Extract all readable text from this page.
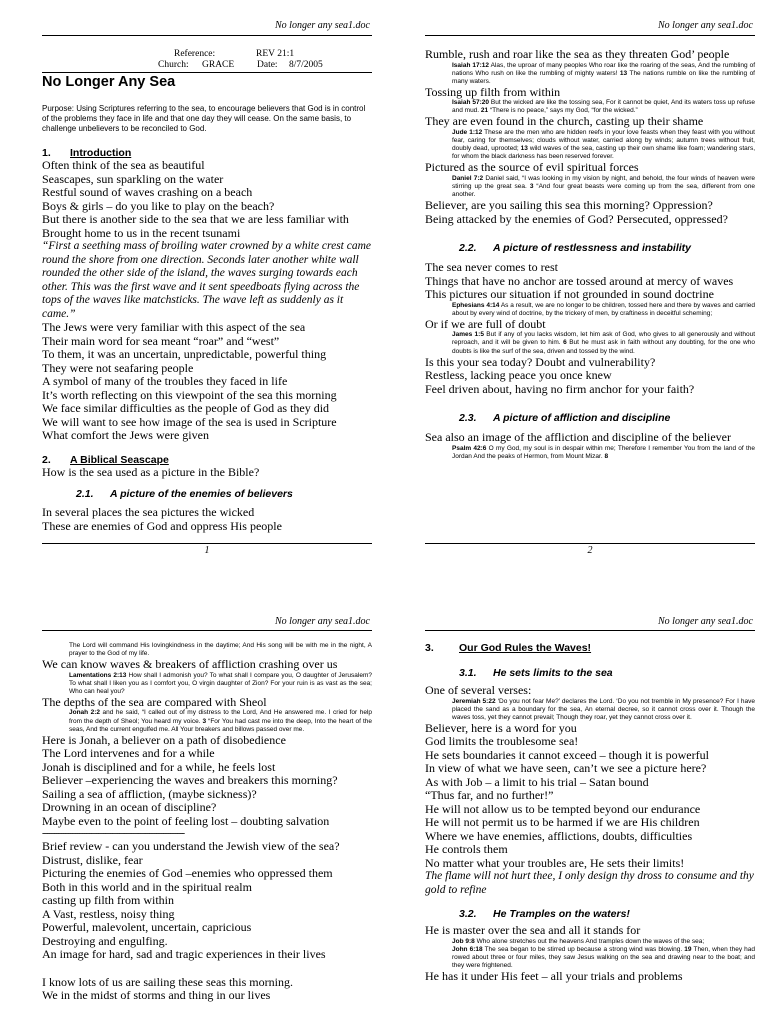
No longer any sea1.doc
Reference:	REV 21:1
Church: GRACE Date: 8/7/2005
No Longer Any Sea
Purpose: Using Scriptures referring to the sea, to encourage believers that God is in control of the problems they face in life and that one day they will cease. On the same basis, to challenge unbelievers to be reconciled to God.
1. Introduction
Often think of the sea as beautiful
Seascapes, sun sparkling on the water
Restful sound of waves crashing on a beach
Boys & girls – do you like to play on the beach?
But there is another side to the sea that we are less familiar with
Brought home to us in the recent tsunami
“First a seething mass of broiling water crowned by a white crest came round the shore from one direction. Seconds later another white wall rounded the other side of the island, the waves surging towards each other. This was the first wave and it sent speedboats flying across the tops of the waves like matchsticks. The wave left as suddenly as it came.”
The Jews were very familiar with this aspect of the sea
Their main word for sea meant “roar” and “west”
To them, it was an uncertain, unpredictable, powerful thing
They were not seafaring people
A symbol of many of the troubles they faced in life
It’s worth reflecting on this viewpoint of the sea this morning
We face similar difficulties as the people of God as they did
We will want to see how image of the sea is used in Scripture
What comfort the Jews were given
2. A Biblical Seascape
How is the sea used as a picture in the Bible?
2.1. A picture of the enemies of believers
In several places the sea pictures the wicked
These are enemies of God and oppress His people
1
No longer any sea1.doc
Rumble, rush and roar like the sea as they threaten God’ people
Isaiah 17:12 Alas, the uproar of many peoples Who roar like the roaring of the seas, And the rumbling of nations Who rush on like the rumbling of mighty waters! 13 The nations rumble on like the rumbling of many waters.
Tossing up filth from within
Isaiah 57:20 But the wicked are like the tossing sea, For it cannot be quiet, And its waters toss up refuse and mud. 21 “There is no peace,” says my God, “for the wicked.”
They are even found in the church, casting up their shame
Jude 1:12 These are the men who are hidden reefs in your love feasts when they feast with you without fear, caring for themselves; clouds without water, carried along by winds; autumn trees without fruit, doubly dead, uprooted; 13 wild waves of the sea, casting up their own shame like foam; wandering stars, for whom the black darkness has been reserved forever.
Pictured as the source of evil spiritual forces
Daniel 7:2 Daniel said, “I was looking in my vision by night, and behold, the four winds of heaven were stirring up the great sea. 3 “And four great beasts were coming up from the sea, different from one another.
Believer, are you sailing this sea this morning? Oppression?
Being attacked by the enemies of God? Persecuted, oppressed?
2.2. A picture of restlessness and instability
The sea never comes to rest
Things that have no anchor are tossed around at mercy of waves
This pictures our situation if not grounded in sound doctrine
Ephesians 4:14 As a result, we are no longer to be children, tossed here and there by waves and carried about by every wind of doctrine, by the trickery of men, by craftiness in deceitful scheming;
Or if we are full of doubt
James 1:5 But if any of you lacks wisdom, let him ask of God, who gives to all generously and without reproach, and it will be given to him. 6 But he must ask in faith without any doubting, for the one who doubts is like the surf of the sea, driven and tossed by the wind.
Is this your sea today? Doubt and vulnerability?
Restless, lacking peace you once knew
Feel driven about, having no firm anchor for your faith?
2.3. A picture of affliction and discipline
Sea also an image of the affliction and discipline of the believer
Psalm 42:6 O my God, my soul is in despair within me; Therefore I remember You from the land of the Jordan And the peaks of Hermon, from Mount Mizar. 8
2
No longer any sea1.doc
The Lord will command His lovingkindness in the daytime; And His song will be with me in the night, A prayer to the God of my life.
We can know waves & breakers of affliction crashing over us
Lamentations 2:13 How shall I admonish you? To what shall I compare you, O daughter of Jerusalem? To what shall I liken you as I comfort you, O virgin daughter of Zion? For your ruin is as vast as the sea; Who can heal you?
The depths of the sea are compared with Sheol
Jonah 2:2 and he said, “I called out of my distress to the Lord, And He answered me. I cried for help from the depth of Sheol; You heard my voice. 3 “For You had cast me into the deep, Into the heart of the seas, And the current engulfed me. All Your breakers and billows passed over me.
Here is Jonah, a believer on a path of disobedience
The Lord intervenes and for a while
Jonah is disciplined and for a while, he feels lost
Believer –experiencing the waves and breakers this morning?
Sailing a sea of affliction, (maybe sickness)?
Drowning in an ocean of discipline?
Maybe even to the point of feeling lost – doubting salvation
-------------------------------------------------------------
Brief review - can you understand the Jewish view of the sea?
Distrust, dislike, fear
Picturing the enemies of God –enemies who oppressed them
Both in this world and in the spiritual realm
casting up filth from within
A Vast, restless, noisy thing
Powerful, malevolent, uncertain, capricious
Destroying and engulfing.
An image for hard, sad and tragic experiences in their lives
I know lots of us are sailing these seas this morning.
We in the midst of storms and thing in our lives
No longer any sea1.doc
3. Our God Rules the Waves!
3.1. He sets limits to the sea
One of several verses:
Jeremiah 5:22 ‘Do you not fear Me?’ declares the Lord. ‘Do you not tremble in My presence? For I have placed the sand as a boundary for the sea, An eternal decree, so it cannot cross over it. Though the waves toss, yet they cannot prevail; Though they roar, yet they cannot cross over it.
Believer, here is a word for you
God limits the troublesome sea!
He sets boundaries it cannot exceed – though it is powerful
In view of what we have seen, can’t we see a picture here?
As with Job – a limit to his trial – Satan bound
“Thus far, and no further!”
He will not allow us to be tempted beyond our endurance
He will not permit us to be harmed if we are His children
Where we have enemies, afflictions, doubts, difficulties
He controls them
No matter what your troubles are, He sets their limits!
The flame will not hurt thee, I only design thy dross to consume and thy gold to refine
3.2. He Tramples on the waters!
He is master over the sea and all it stands for
Job 9:8 Who alone stretches out the heavens And tramples down the waves of the sea;
John 6:18 The sea began to be stirred up because a strong wind was blowing. 19 Then, when they had rowed about three or four miles, they saw Jesus walking on the sea and drawing near to the boat; and they were frightened.
He has it under His feet – all your trials and problems
